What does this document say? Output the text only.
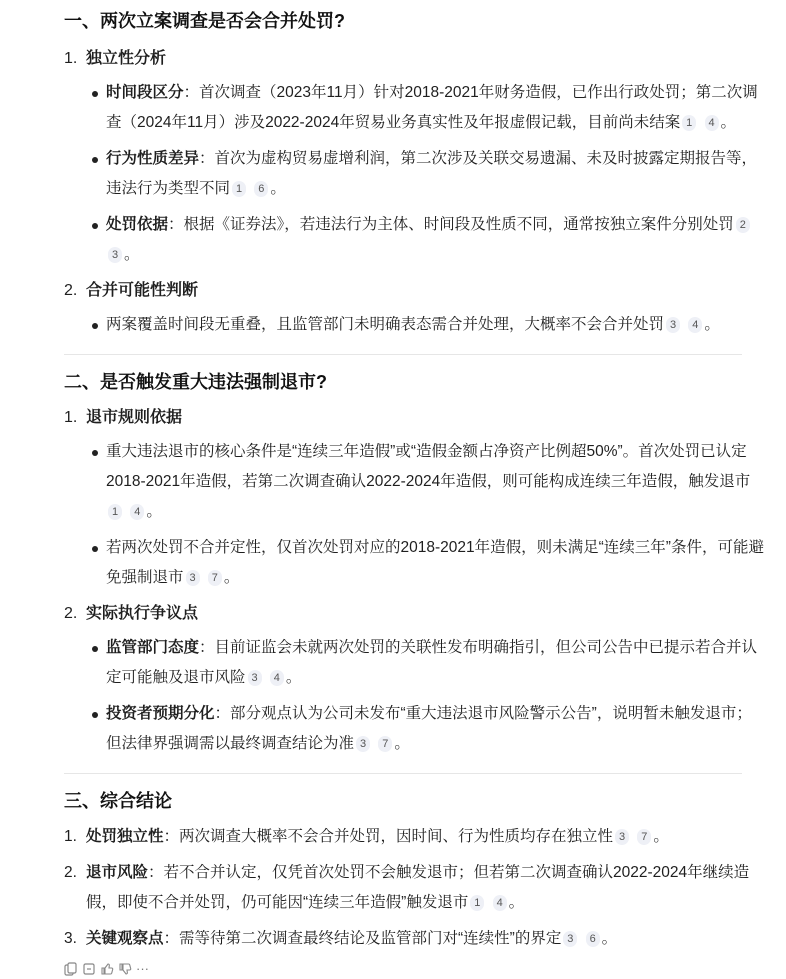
一、两次立案调查是否会合并处罚?
1. 独立性分析
时间段区分：首次调查（2023年11月）针对2018-2021年财务造假，已作出行政处罚；第二次调查（2024年11月）涉及2022-2024年贸易业务真实性及年报虚假记载，目前尚未结案 1 4 。
行为性质差异：首次为虚构贸易虚增利润，第二次涉及关联交易遗漏、未及时披露定期报告等，违法行为类型不同 1 6 。
处罚依据：根据《证券法》，若违法行为主体、时间段及性质不同，通常按独立案件分别处罚 2 3 。
2. 合并可能性判断
两案覆盖时间段无重叠，且监管部门未明确表态需合并处理，大概率不会合并处罚 3 4 。
二、是否触发重大违法强制退市?
1. 退市规则依据
重大违法退市的核心条件是“连续三年造假”或“造假金额占净资产比例超50%”。首次处罚已认定2018-2021年造假，若第二次调查确认2022-2024年造假，则可能构成连续三年造假，触发退市1 4 。
若两次处罚不合并定性，仅首次处罚对应的2018-2021年造假，则未满足“连续三年”条件，可能避免强制退市 3 7 。
2. 实际执行争议点
监管部门态度：目前证监会未就两次处罚的关联性发布明确指引，但公司公告中已提示若合并认定可能触及退市风险 3 4 。
投资者预期分化：部分观点认为公司未发布“重大违法退市风险警示公告”，说明暂未触发退市；但法律界强调需以最终调查结论为准 3 7 。
三、综合结论
1. 处罚独立性：两次调查大概率不会合并处罚，因时间、行为性质均存在独立性 3 7 。
2. 退市风险：若不合并认定，仅凭首次处罚不会触发退市；但若第二次调查确认2022-2024年继续造假，即使不合并处罚，仍可能因“连续三年造假”触发退市 1 4 。
3. 关键观察点：需等待第二次调查最终结论及监管部门对“连续性”的界定 3 6 。
···
